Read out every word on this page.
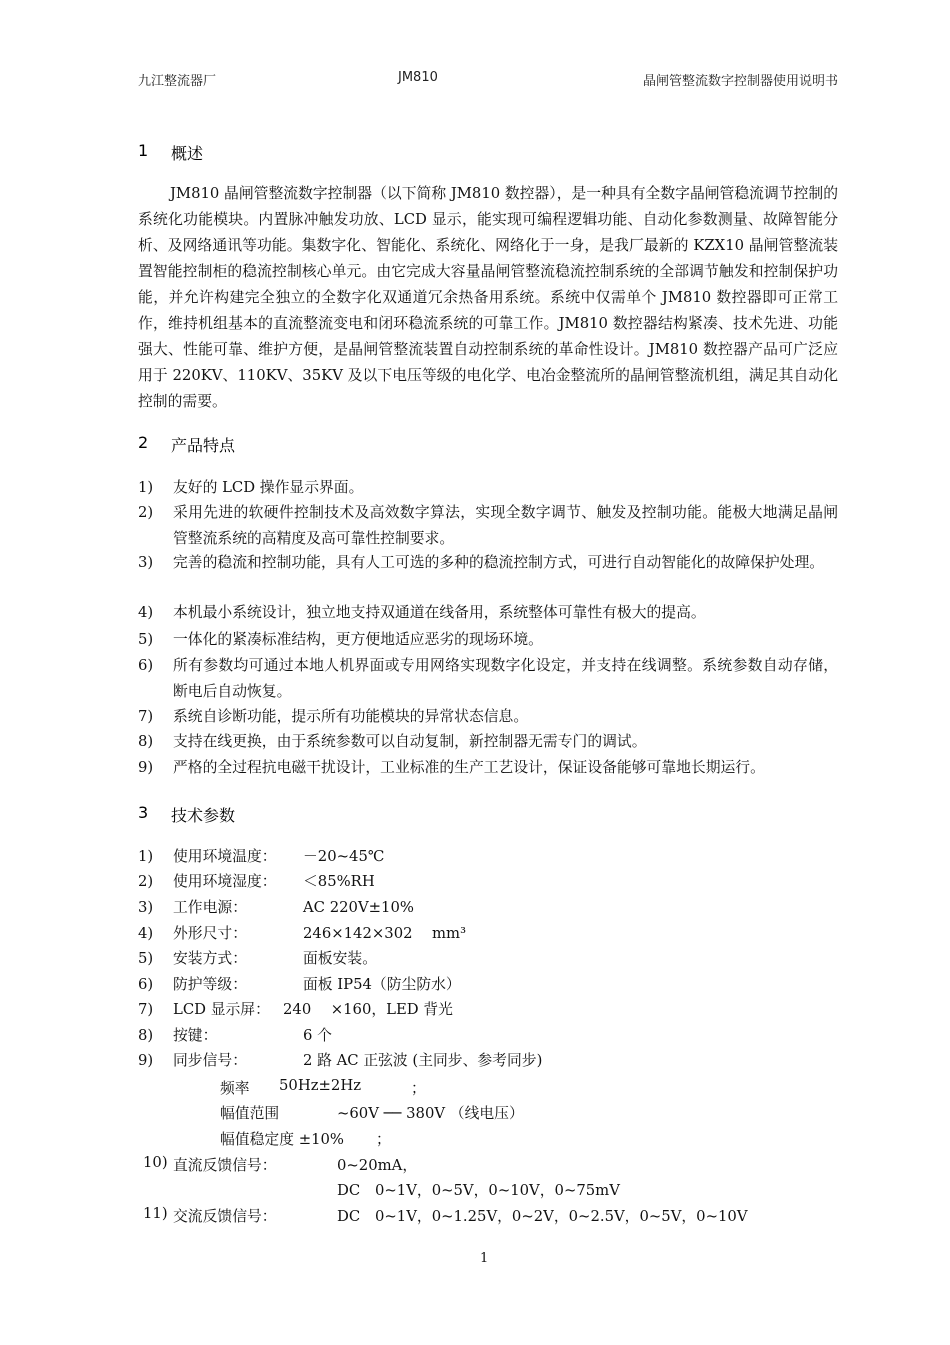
九江整流器厂	JM810	晶闸管整流数字控制器使用说明书
1 概述

JM810 晶闸管整流数字控制器（以下简称 JM810 数控器），是一种具有全数字晶闸管稳流调节控制的系统化功能模块。内置脉冲触发功放、LCD 显示，能实现可编程逻辑功能、自动化参数测量、故障智能分析、及网络通讯等功能。集数字化、智能化、系统化、网络化于一身，是我厂最新的 KZX10 晶闸管整流装置智能控制柜的稳流控制核心单元。由它完成大容量晶闸管整流稳流控制系统的全部调节触发和控制保护功能，并允许构建完全独立的全数字化双通道冗余热备用系统。系统中仅需单个 JM810 数控器即可正常工作，维持机组基本的直流整流变电和闭环稳流系统的可靠工作。JM810 数控器结构紧凑、技术先进、功能强大、性能可靠、维护方便，是晶闸管整流装置自动控制系统的革命性设计。JM810 数控器产品可广泛应用于 220KV、110KV、35KV 及以下电压等级的电化学、电冶金整流所的晶闸管整流机组，满足其自动化控制的需要。

2 产品特点
1)	友好的 LCD 操作显示界面。
2)	采用先进的软硬件控制技术及高效数字算法，实现全数字调节、触发及控制功能。能极大地满足晶闸管整流系统的高精度及高可靠性控制要求。
3)	完善的稳流和控制功能，具有人工可选的多种的稳流控制方式，可进行自动智能化的故障保护处理。
4)	本机最小系统设计，独立地支持双通道在线备用，系统整体可靠性有极大的提高。
5)	一体化的紧凑标准结构，更方便地适应恶劣的现场环境。
6)	所有参数均可通过本地人机界面或专用网络实现数字化设定，并支持在线调整。系统参数自动存储，断电后自动恢复。
7)	系统自诊断功能，提示所有功能模块的异常状态信息。
8)	支持在线更换，由于系统参数可以自动复制，新控制器无需专门的调试。
9)	严格的全过程抗电磁干扰设计，工业标准的生产工艺设计，保证设备能够可靠地长期运行。
3 技术参数
1) 使用环境温度： －20~45℃
2) 使用环境湿度： ＜85%RH
3) 工作电源：	AC 220V±10%
4) 外形尺寸：	246×142×302　 mm³
5) 安装方式：	面板安装。
6) 防护等级：	面板 IP54（防尘防水）
7) LCD 显示屏： 240　 ×160，LED 背光
8) 按键：	6 个
9) 同步信号：	2 路 AC 正弦波 (主同步、参考同步)
频率 50Hz±2Hz	；
幅值范围	~60V ── 380V （线电压）
幅值稳定度 ±10% ；
10) 直流反馈信号：	0~20mA，
DC　0~1V，0~5V，0~10V，0~75mV
11) 交流反馈信号：	DC　0~1V，0~1.25V，0~2V，0~2.5V，0~5V，0~10V
1
